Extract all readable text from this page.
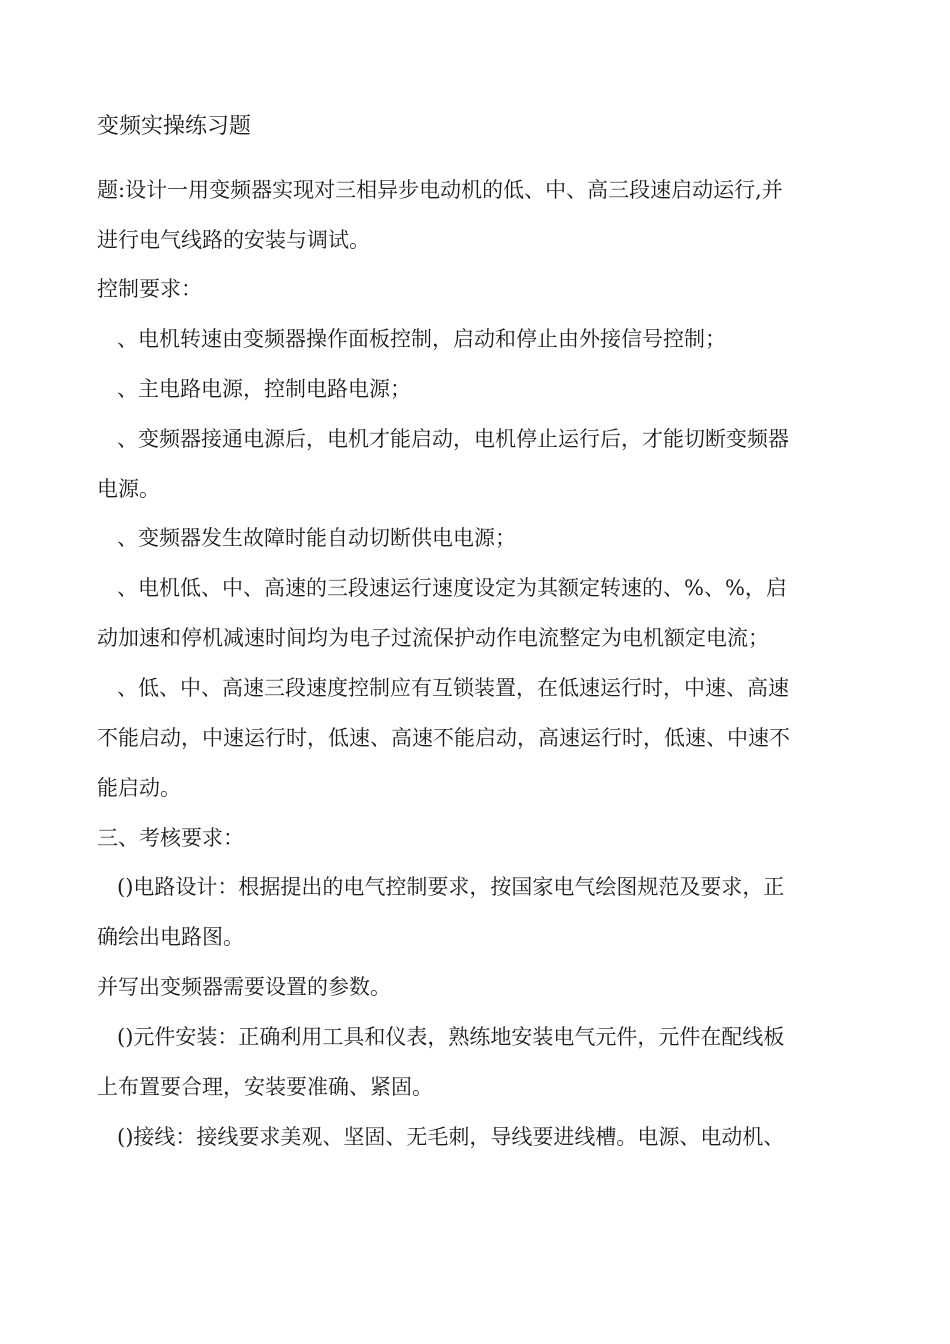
变频实操练习题
题:设计一用变频器实现对三相异步电动机的低、中、高三段速启动运行,并
进行电气线路的安装与调试。
控制要求：
、电机转速由变频器操作面板控制，启动和停止由外接信号控制；
、主电路电源，控制电路电源；
、变频器接通电源后，电机才能启动，电机停止运行后，才能切断变频器
电源。
、变频器发生故障时能自动切断供电电源；
、电机低、中、高速的三段速运行速度设定为其额定转速的、%、%，启
动加速和停机减速时间均为电子过流保护动作电流整定为电机额定电流；
、低、中、高速三段速度控制应有互锁装置，在低速运行时，中速、高速
不能启动，中速运行时，低速、高速不能启动，高速运行时，低速、中速不
能启动。
三、考核要求：
()电路设计：根据提出的电气控制要求，按国家电气绘图规范及要求，正
确绘出电路图。
并写出变频器需要设置的参数。
()元件安装：正确利用工具和仪表，熟练地安装电气元件，元件在配线板
上布置要合理，安装要准确、紧固。
()接线：接线要求美观、坚固、无毛刺，导线要进线槽。电源、电动机、
